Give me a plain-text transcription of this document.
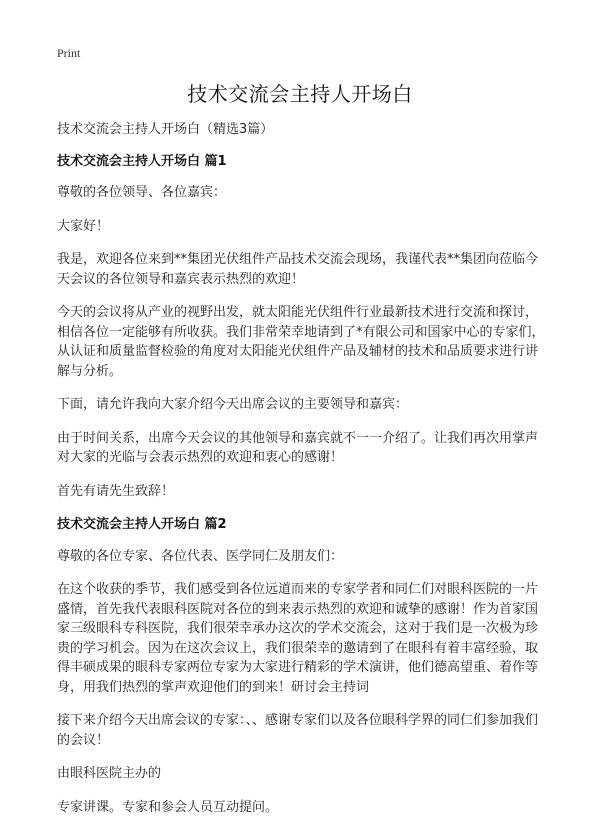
Print
技术交流会主持人开场白

技术交流会主持人开场白（精选3篇）

技术交流会主持人开场白 篇1

尊敬的各位领导、各位嘉宾：

大家好！

我是，欢迎各位来到**集团光伏组件产品技术交流会现场，我谨代表**集团向莅临今天会议的各位领导和嘉宾表示热烈的欢迎！

今天的会议将从产业的视野出发，就太阳能光伏组件行业最新技术进行交流和探讨，相信各位一定能够有所收获。我们非常荣幸地请到了*有限公司和国家中心的专家们，从认证和质量监督检验的角度对太阳能光伏组件产品及辅材的技术和品质要求进行讲解与分析。

下面，请允许我向大家介绍今天出席会议的主要领导和嘉宾：

由于时间关系，出席今天会议的其他领导和嘉宾就不一一介绍了。让我们再次用掌声对大家的光临与会表示热烈的欢迎和衷心的感谢！

首先有请先生致辞！

技术交流会主持人开场白 篇2

尊敬的各位专家、各位代表、医学同仁及朋友们：

在这个收获的季节，我们感受到各位远道而来的专家学者和同仁们对眼科医院的一片盛情，首先我代表眼科医院对各位的到来表示热烈的欢迎和诚挚的感谢！作为首家国家三级眼科专科医院，我们很荣幸承办这次的学术交流会，这对于我们是一次极为珍贵的学习机会。因为在这次会议上，我们很荣幸的邀请到了在眼科有着丰富经验，取得丰硕成果的眼科专家两位专家为大家进行精彩的学术演讲，他们德高望重、着作等身，用我们热烈的掌声欢迎他们的到来！研讨会主持词

接下来介绍今天出席会议的专家：、、感谢专家们以及各位眼科学界的同仁们参加我们的会议！

由眼科医院主办的

专家讲课。专家和参会人员互动提问。
